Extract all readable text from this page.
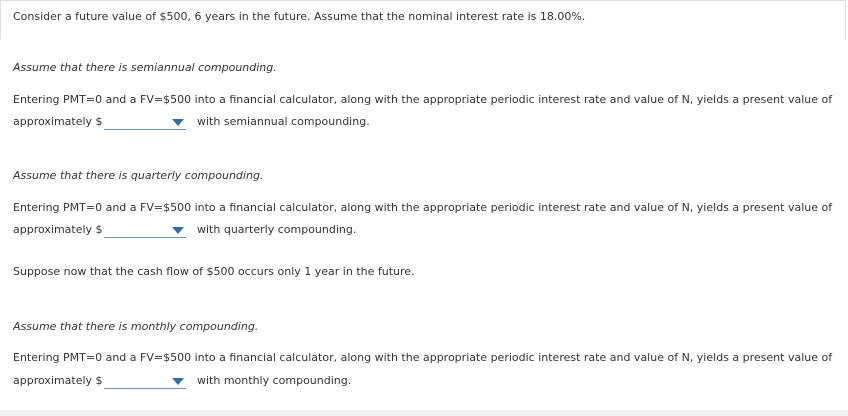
Consider a future value of $500, 6 years in the future. Assume that the nominal interest rate is 18.00%.
Assume that there is semiannual compounding.
Entering PMT=0 and a FV=$500 into a financial calculator, along with the appropriate periodic interest rate and value of N, yields a present value of
approximately $	with semiannual compounding.
Assume that there is quarterly compounding.
Entering PMT=0 and a FV=$500 into a financial calculator, along with the appropriate periodic interest rate and value of N, yields a present value of
approximately $	with quarterly compounding.
Suppose now that the cash flow of $500 occurs only 1 year in the future.
Assume that there is monthly compounding.
Entering PMT=0 and a FV=$500 into a financial calculator, along with the appropriate periodic interest rate and value of N, yields a present value of
approximately $	with monthly compounding.
